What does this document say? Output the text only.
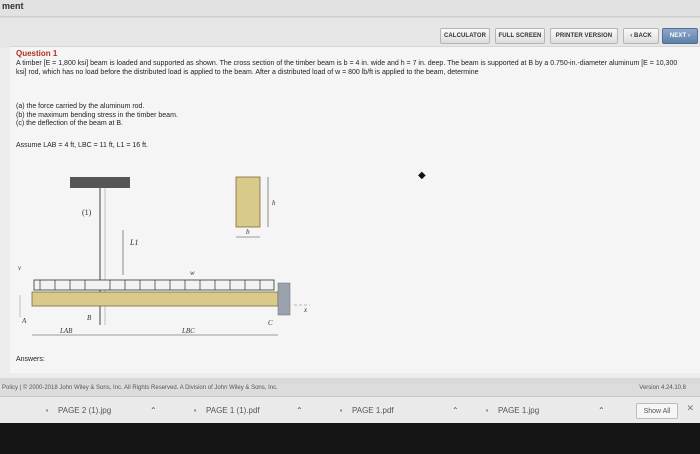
ment
CALCULATOR	FULL SCREEN	PRINTER VERSION	‹ BACK	NEXT ›
Question 1
A timber [E = 1,800 ksi] beam is loaded and supported as shown. The cross section of the timber beam is b = 4 in. wide and h = 7 in. deep. The beam is supported at B by a 0.750-in.-diameter aluminum [E = 10,300 ksi] rod, which has no load before the distributed load is applied to the beam. After a distributed load of w = 800 lb/ft is applied to the beam, determine
(a) the force carried by the aluminum rod.
(b) the maximum bending stress in the timber beam.
(c) the deflection of the beam at B.
Assume LAB = 4 ft, LBC = 11 ft, L1 = 16 ft.
(1)
L1
w
x
v
A	B
C
LAB	LBC
h
b
Answers:
◆
Policy | © 2000-2018 John Wiley & Sons, Inc. All Rights Reserved. A Division of John Wiley & Sons, Inc.	Version 4.24.10.8
▪	PAGE 2 (1).jpg	⌃	▪	PAGE 1 (1).pdf	⌃	▪	PAGE 1.pdf	⌃	▪	PAGE 1.jpg	⌃	Show All	✕
